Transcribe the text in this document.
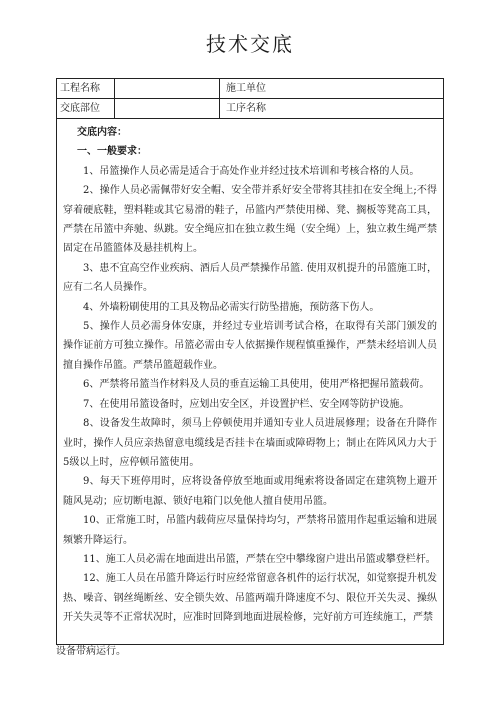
技术交底
工程名称	施工单位
交底部位	工序名称

交底内容：

一、一般要求：

1、吊篮操作人员必需是适合于高处作业并经过技术培训和考核合格的人员。

2、操作人员必需佩带好安全帽、安全带并系好安全带将其挂扣在安全绳上;不得穿着硬底鞋，塑料鞋或其它易滑的鞋子，吊篮内严禁使用梯、凳、搁板等凳高工具，严禁在吊篮中奔驰、纵跳。安全绳应扣在独立救生绳（安全绳）上，独立救生绳严禁固定在吊篮篮体及悬挂机构上。

3、患不宜高空作业疾病、酒后人员严禁操作吊篮. 使用双机提升的吊篮施工时，应有二名人员操作。

4、外墙粉刷使用的工具及物品必需实行防坠措施，预防落下伤人。

5、操作人员必需身体安康，并经过专业培训考试合格，在取得有关部门颁发的操作证前方可独立操作。吊篮必需由专人依据操作规程慎重操作，严禁未经培训人员擅自操作吊篮。严禁吊篮超载作业。

6、严禁将吊篮当作材料及人员的垂直运输工具使用，使用严格把握吊篮载荷。

7、在使用吊篮设备时，应划出安全区，并设置护栏、安全网等防护设施。

8、设备发生故障时，须马上停顿使用并通知专业人员进展修理；设备在升降作业时，操作人员应亲热留意电缆线是否挂卡在墙面或障碍物上；制止在阵风风力大于5级以上时，应停顿吊篮使用。

9、每天下班停用时，应将设备停放至地面或用绳索将设备固定在建筑物上避开随风晃动；应切断电源、锁好电箱门以免他人擅自使用吊篮。

10、正常施工时，吊篮内载荷应尽量保持均匀，严禁将吊篮用作起重运输和进展频繁升降运行。

11、施工人员必需在地面进出吊篮，严禁在空中攀缘窗户进出吊篮或攀登栏杆。

12、施工人员在吊篮升降运行时应经常留意各机件的运行状况，如觉察提升机发热、噪音、钢丝绳断丝、安全锁失效、吊篮两端升降速度不匀、限位开关失灵、操纵开关失灵等不正常状况时，应准时回降到地面进展检修，完好前方可连续施工，严禁

设备带病运行。
